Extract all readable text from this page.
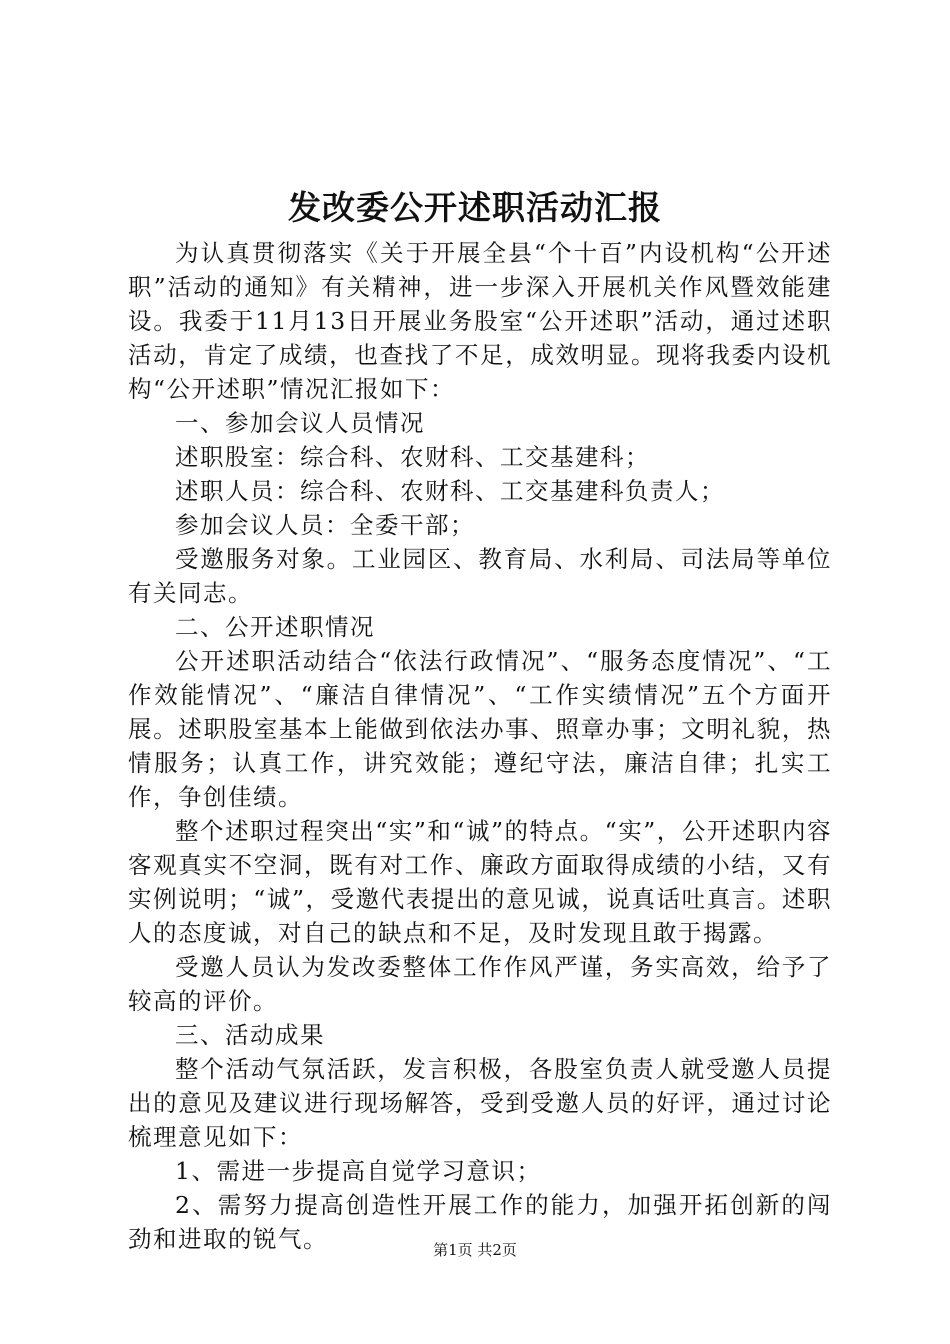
发改委公开述职活动汇报

为认真贯彻落实《关于开展全县“个十百”内设机构“公开述职”活动的通知》有关精神，进一步深入开展机关作风暨效能建设。我委于11月13日开展业务股室“公开述职”活动，通过述职活动，肯定了成绩，也查找了不足，成效明显。现将我委内设机构“公开述职”情况汇报如下：

一、参加会议人员情况

述职股室：综合科、农财科、工交基建科；

述职人员：综合科、农财科、工交基建科负责人；

参加会议人员：全委干部；

受邀服务对象。工业园区、教育局、水利局、司法局等单位有关同志。

二、公开述职情况

公开述职活动结合“依法行政情况”、“服务态度情况”、“工作效能情况”、“廉洁自律情况”、“工作实绩情况”五个方面开展。述职股室基本上能做到依法办事、照章办事；文明礼貌，热情服务；认真工作，讲究效能；遵纪守法，廉洁自律；扎实工作，争创佳绩。

整个述职过程突出“实”和“诚”的特点。“实”，公开述职内容客观真实不空洞，既有对工作、廉政方面取得成绩的小结，又有实例说明；“诚”，受邀代表提出的意见诚，说真话吐真言。述职人的态度诚，对自己的缺点和不足，及时发现且敢于揭露。

受邀人员认为发改委整体工作作风严谨，务实高效，给予了较高的评价。

三、活动成果

整个活动气氛活跃，发言积极，各股室负责人就受邀人员提出的意见及建议进行现场解答，受到受邀人员的好评，通过讨论梳理意见如下：

1、需进一步提高自觉学习意识；

2、需努力提高创造性开展工作的能力，加强开拓创新的闯劲和进取的锐气。	第1页 共2页
